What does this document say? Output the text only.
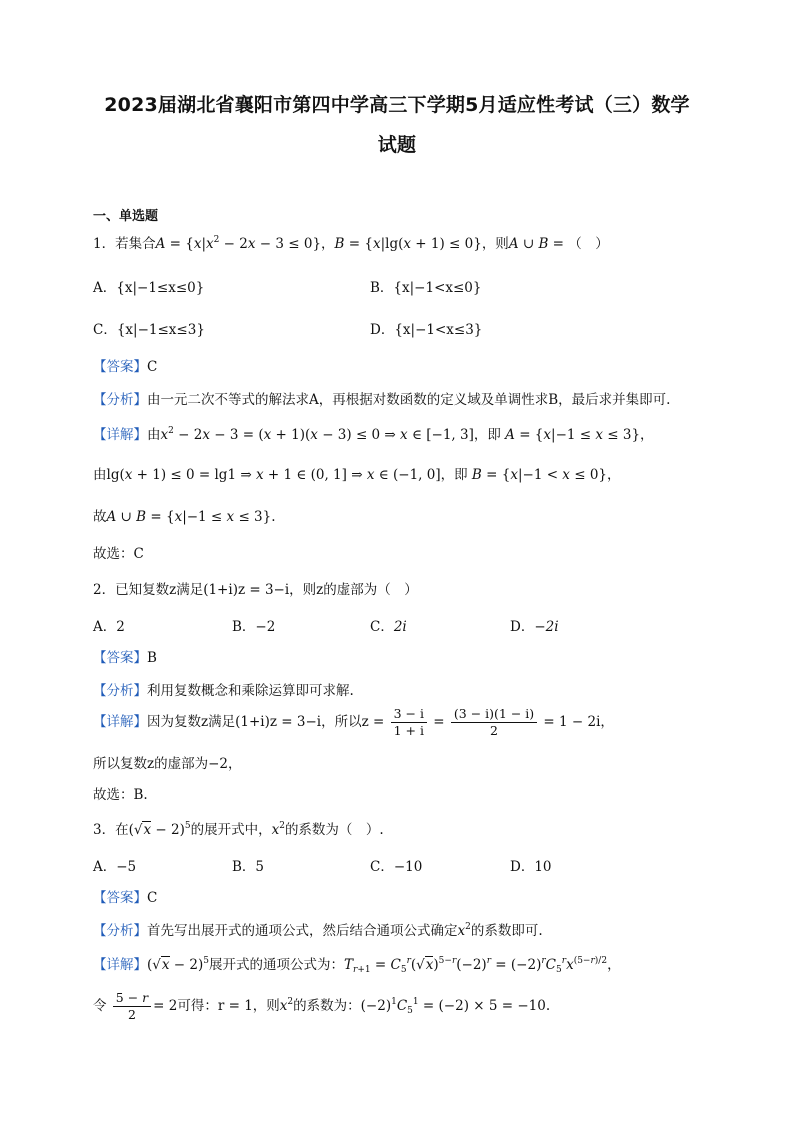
2023届湖北省襄阳市第四中学高三下学期5月适应性考试（三）数学
试题
一、单选题
1．若集合$A = \{x|x^2 - 2x - 3 \le 0\}$，B = {x|lg(x + 1) ≤ 0}，则A ∪ B = （　）
A．{x|−1≤x≤0}	B．{x|−1<x≤0}
C．{x|−1≤x≤3}	D．{x|−1<x≤3}
【答案】C
【分析】由一元二次不等式的解法求A，再根据对数函数的定义域及单调性求B，最后求并集即可.
【详解】由$x^2 - 2x - 3 = (x + 1)(x - 3) \le 0$ ⇒ x ∈ [−1, 3]，即 A = {x|−1 ≤ x ≤ 3}，
由lg(x + 1) ≤ 0 = lg1 ⇒ x + 1 ∈ (0, 1] ⇒ x ∈ (−1, 0]，即 B = {x|−1 < x ≤ 0}，
故A ∪ B = {x|−1 ≤ x ≤ 3}.
故选：C
2．已知复数z满足(1+i)z = 3−i，则z的虚部为（　）
A．2	B．−2	C．2i	D．−2i
【答案】B
【分析】利用复数概念和乘除运算即可求解.
【详解】因为复数z满足(1+i)z = 3−i，所以$z = \frac{3 - i}{1 + i} = \frac{(3 - i)(1 - i)}{2} = 1 - 2i$，
所以复数z的虚部为−2，
故选：B.
3．在$(√x - 2)^5$的展开式中，$x^2$的系数为（　）.
A．−5	B．5	C．−10	D．10
【答案】C
【分析】首先写出展开式的通项公式，然后结合通项公式确定$x^2$的系数即可.
【详解】$(√x - 2)^5$展开式的通项公式为：$T_{r+1} = C_5^r(√x)^{5-r}(-2)^r = (-2)^rC_5^rx^{(5-r)/2}$，
令 $\frac{5 - r}{2} = 2$可得：r = 1，则$x^2$的系数为：$(-2)^1C_5^1 = (-2) \times 5 = -10$.
